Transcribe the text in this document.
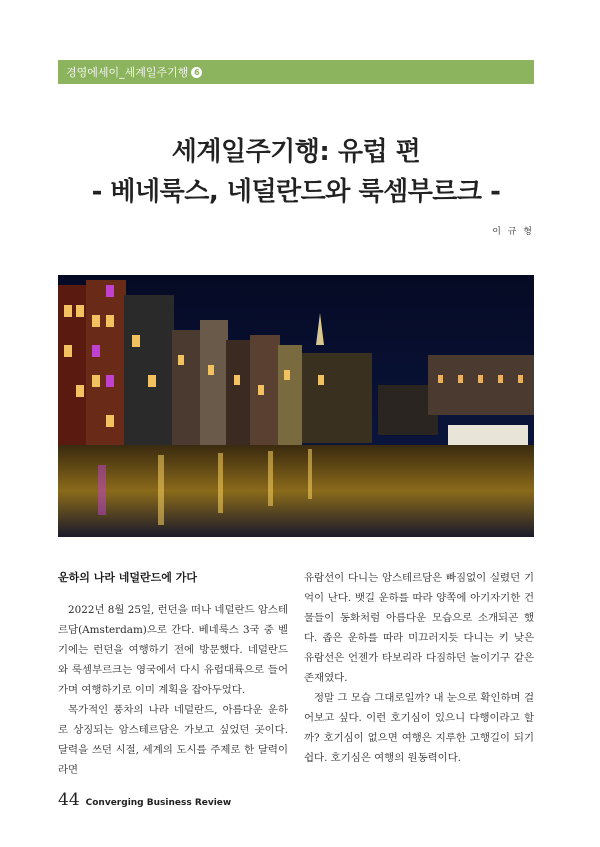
경영에세이_세계일주기행 6
세계일주기행: 유럽 편
- 베네룩스, 네덜란드와 룩셈부르크 -
이 규 형
운하의 나라 네덜란드에 가다

2022년 8월 25일, 런던을 떠나 네덜란드 암스테르담(Amsterdam)으로 간다. 베네룩스 3국 중 벨기에는 런던을 여행하기 전에 방문했다. 네덜란드와 룩셈부르크는 영국에서 다시 유럽대륙으로 들어가며 여행하기로 이미 계획을 잡아두었다.

목가적인 풍차의 나라 네덜란드, 아름다운 운하로 상징되는 암스테르담은 가보고 싶었던 곳이다. 달력을 쓰던 시절, 세계의 도시를 주제로 한 달력이라면

유람선이 다니는 암스테르담은 빠짐없이 실렸던 기억이 난다. 뱃길 운하를 따라 양쪽에 아기자기한 건물들이 동화처럼 아름다운 모습으로 소개되곤 했다. 좁은 운하를 따라 미끄러지듯 다니는 키 낮은 유람선은 언젠가 타보리라 다짐하던 놀이기구 같은 존재였다.

정말 그 모습 그대로일까? 내 눈으로 확인하며 걸어보고 싶다. 이런 호기심이 있으니 다행이라고 할까? 호기심이 없으면 여행은 지루한 고행길이 되기 쉽다. 호기심은 여행의 원동력이다.

44 Converging Business Review
